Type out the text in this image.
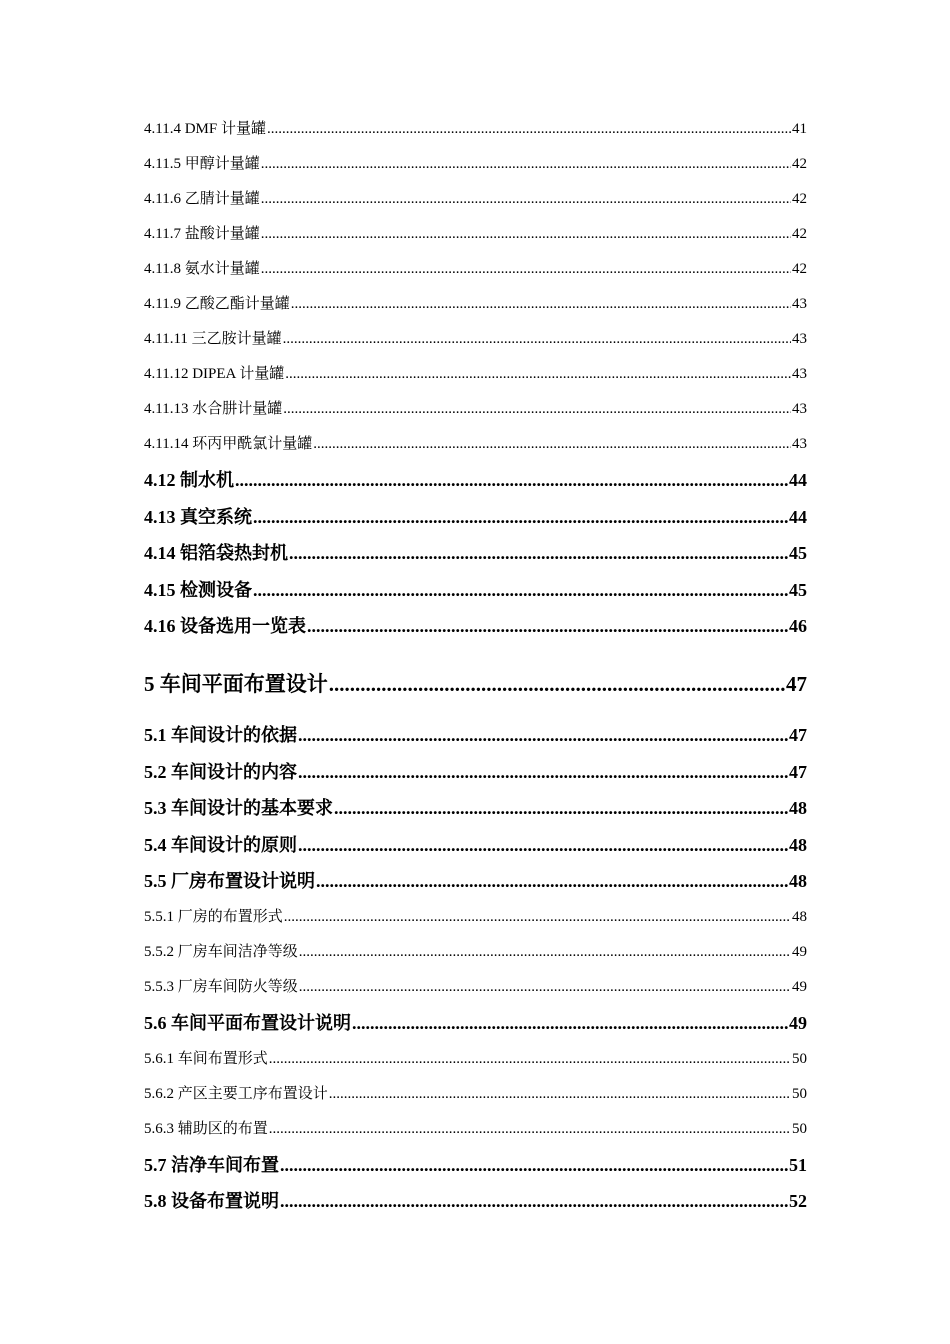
4.11.4 DMF 计量罐 .....	41
4.11.5 甲醇计量罐 .....	42
4.11.6 乙腈计量罐 .....	42
4.11.7 盐酸计量罐 .....	42
4.11.8 氨水计量罐 .....	42
4.11.9 乙酸乙酯计量罐 .....	43
4.11.11 三乙胺计量罐 .....	43
4.11.12 DIPEA 计量罐 .....	43
4.11.13 水合肼计量罐 .....	43
4.11.14 环丙甲酰氯计量罐 .....	43
4.12 制水机 .....	44
4.13 真空系统 .....	44
4.14 铝箔袋热封机 .....	45
4.15 检测设备 .....	45
4.16 设备选用一览表 .....	46
5 车间平面布置设计 .....	47
5.1 车间设计的依据 .....	47
5.2 车间设计的内容 .....	47
5.3 车间设计的基本要求 .....	48
5.4 车间设计的原则 .....	48
5.5 厂房布置设计说明 .....	48
5.5.1 厂房的布置形式 .....	48
5.5.2 厂房车间洁净等级 .....	49
5.5.3 厂房车间防火等级 .....	49
5.6 车间平面布置设计说明 .....	49
5.6.1 车间布置形式 .....	50
5.6.2 产区主要工序布置设计 .....	50
5.6.3 辅助区的布置 .....	50
5.7 洁净车间布置 .....	51
5.8 设备布置说明 .....	52
